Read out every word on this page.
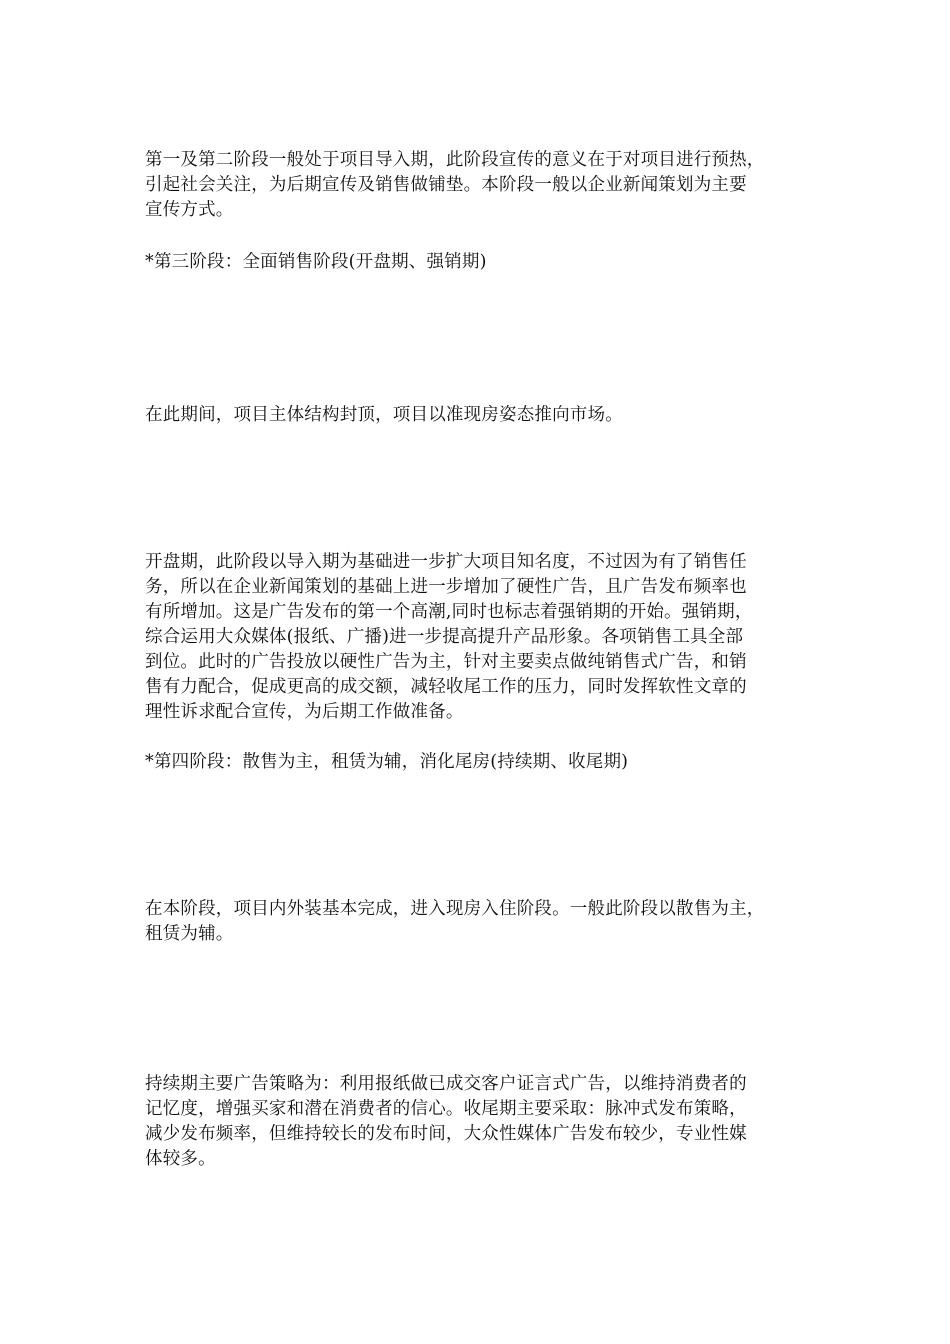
第一及第二阶段一般处于项目导入期，此阶段宣传的意义在于对项目进行预热，
引起社会关注，为后期宣传及销售做铺垫。本阶段一般以企业新闻策划为主要
宣传方式。

*第三阶段：全面销售阶段(开盘期、强销期)

在此期间，项目主体结构封顶，项目以准现房姿态推向市场。

开盘期，此阶段以导入期为基础进一步扩大项目知名度，不过因为有了销售任
务，所以在企业新闻策划的基础上进一步增加了硬性广告，且广告发布频率也
有所增加。这是广告发布的第一个高潮,同时也标志着强销期的开始。强销期，
综合运用大众媒体(报纸、广播)进一步提高提升产品形象。各项销售工具全部
到位。此时的广告投放以硬性广告为主，针对主要卖点做纯销售式广告，和销
售有力配合，促成更高的成交额，减轻收尾工作的压力，同时发挥软性文章的
理性诉求配合宣传，为后期工作做准备。

*第四阶段：散售为主，租赁为辅，消化尾房(持续期、收尾期)

在本阶段，项目内外装基本完成，进入现房入住阶段。一般此阶段以散售为主，
租赁为辅。

持续期主要广告策略为：利用报纸做已成交客户证言式广告，以维持消费者的
记忆度，增强买家和潜在消费者的信心。收尾期主要采取：脉冲式发布策略，
减少发布频率，但维持较长的发布时间，大众性媒体广告发布较少，专业性媒
体较多。
